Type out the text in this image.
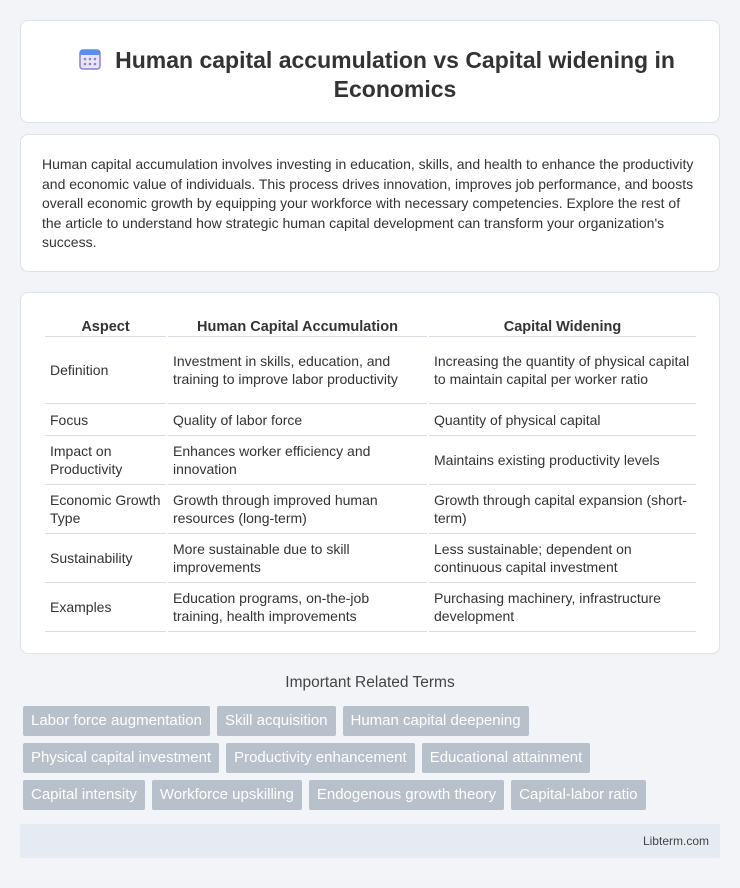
Human capital accumulation vs Capital widening in Economics

Human capital accumulation involves investing in education, skills, and health to enhance the productivity and economic value of individuals. This process drives innovation, improves job performance, and boosts overall economic growth by equipping your workforce with necessary competencies. Explore the rest of the article to understand how strategic human capital development can transform your organization's success.

Aspect	Human Capital Accumulation	Capital Widening
Definition	Investment in skills, education, and training to improve labor productivity	Increasing the quantity of physical capital to maintain capital per worker ratio
Focus	Quality of labor force	Quantity of physical capital
Impact on Productivity	Enhances worker efficiency and innovation	Maintains existing productivity levels
Economic Growth Type	Growth through improved human resources (long-term)	Growth through capital expansion (short-term)
Sustainability	More sustainable due to skill improvements	Less sustainable; dependent on continuous capital investment
Examples	Education programs, on-the-job training, health improvements	Purchasing machinery, infrastructure development
Important Related Terms
Labor force augmentation	Skill acquisition	Human capital deepening
Physical capital investment	Productivity enhancement	Educational attainment
Capital intensity	Workforce upskilling	Endogenous growth theory	Capital-labor ratio
Libterm.com
